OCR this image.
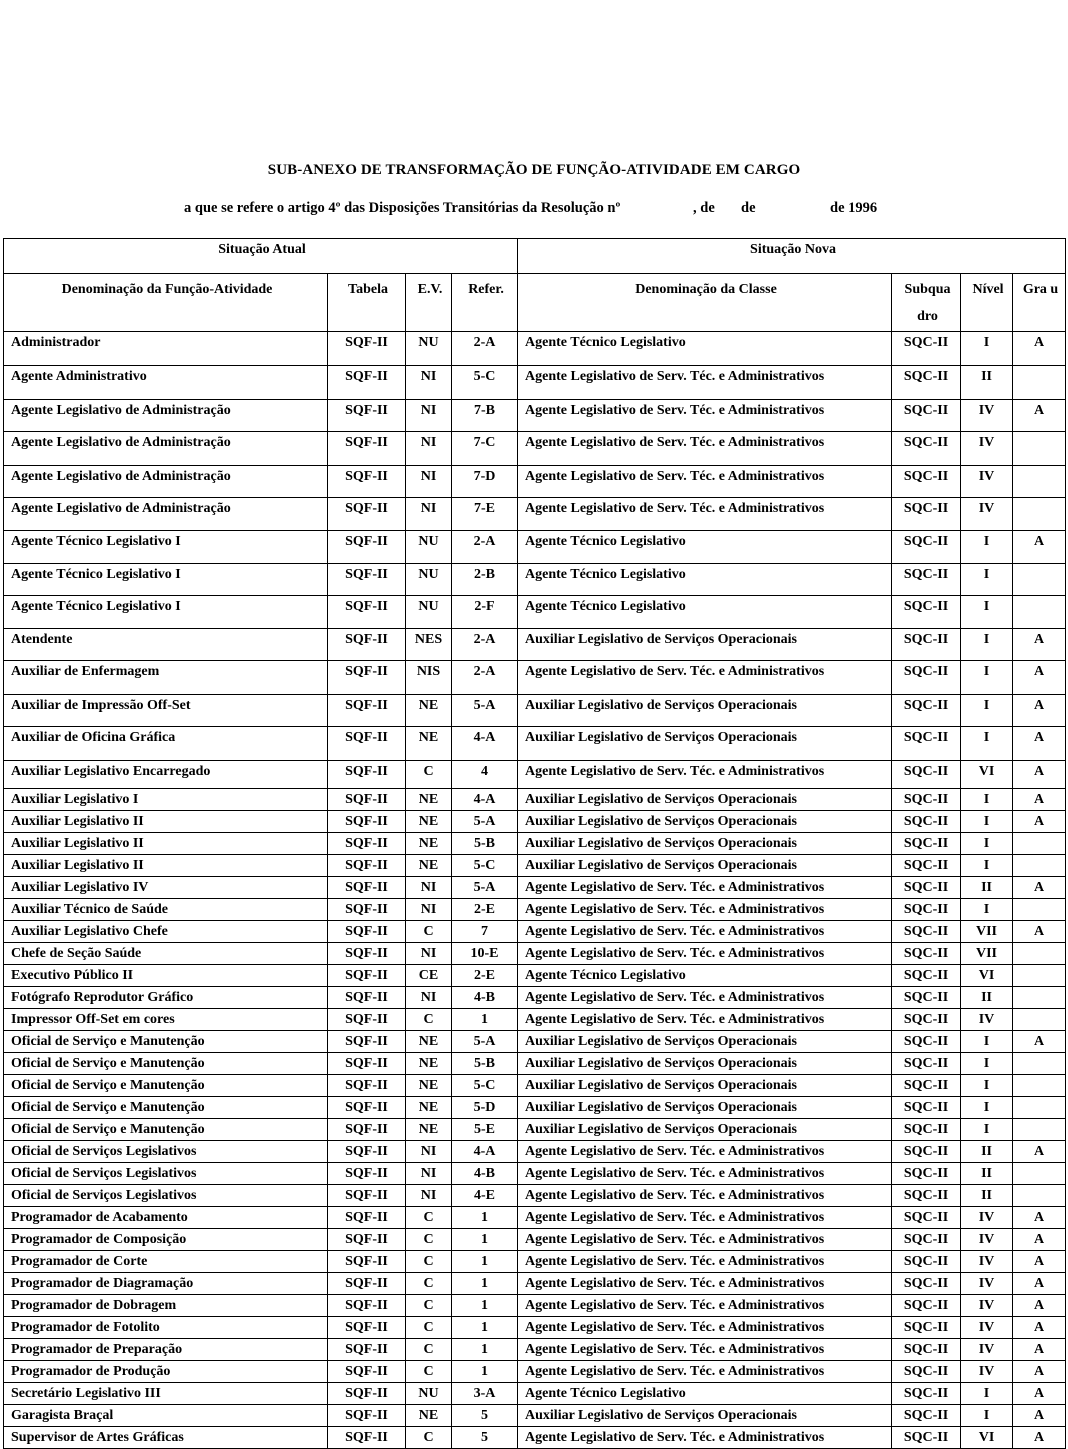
SUB-ANEXO DE TRANSFORMAÇÃO DE FUNÇÃO-ATIVIDADE EM CARGO
a que se refere o artigo 4º das Disposições Transitórias da Resolução nº	, de de	de 1996
Situação Atual				Situação Nova			
Denominação da Função-Atividade	Tabela	E.V.	Refer.	Denominação da Classe	Subqua dro	Nível	Gra u
Administrador	SQF-II	NU	2-A	Agente Técnico Legislativo	SQC-II	I	A
Agente Administrativo	SQF-II	NI	5-C	Agente Legislativo de Serv. Téc. e Administrativos	SQC-II	II	
Agente Legislativo de Administração	SQF-II	NI	7-B	Agente Legislativo de Serv. Téc. e Administrativos	SQC-II	IV	A
Agente Legislativo de Administração	SQF-II	NI	7-C	Agente Legislativo de Serv. Téc. e Administrativos	SQC-II	IV	
Agente Legislativo de Administração	SQF-II	NI	7-D	Agente Legislativo de Serv. Téc. e Administrativos	SQC-II	IV	
Agente Legislativo de Administração	SQF-II	NI	7-E	Agente Legislativo de Serv. Téc. e Administrativos	SQC-II	IV	
Agente Técnico Legislativo I	SQF-II	NU	2-A	Agente Técnico Legislativo	SQC-II	I	A
Agente Técnico Legislativo I	SQF-II	NU	2-B	Agente Técnico Legislativo	SQC-II	I	
Agente Técnico Legislativo I	SQF-II	NU	2-F	Agente Técnico Legislativo	SQC-II	I	
Atendente	SQF-II	NES	2-A	Auxiliar Legislativo de Serviços Operacionais	SQC-II	I	A
Auxiliar de Enfermagem	SQF-II	NIS	2-A	Agente Legislativo de Serv. Téc. e Administrativos	SQC-II	I	A
Auxiliar de Impressão Off-Set	SQF-II	NE	5-A	Auxiliar Legislativo de Serviços Operacionais	SQC-II	I	A
Auxiliar de Oficina Gráfica	SQF-II	NE	4-A	Auxiliar Legislativo de Serviços Operacionais	SQC-II	I	A
Auxiliar Legislativo Encarregado	SQF-II	C	4	Agente Legislativo de Serv. Téc. e Administrativos	SQC-II	VI	A
Auxiliar Legislativo I	SQF-II	NE	4-A	Auxiliar Legislativo de Serviços Operacionais	SQC-II	I	A
Auxiliar Legislativo II	SQF-II	NE	5-A	Auxiliar Legislativo de Serviços Operacionais	SQC-II	I	A
Auxiliar Legislativo II	SQF-II	NE	5-B	Auxiliar Legislativo de Serviços Operacionais	SQC-II	I	
Auxiliar Legislativo II	SQF-II	NE	5-C	Auxiliar Legislativo de Serviços Operacionais	SQC-II	I	
Auxiliar Legislativo IV	SQF-II	NI	5-A	Agente Legislativo de Serv. Téc. e Administrativos	SQC-II	II	A
Auxiliar Técnico de Saúde	SQF-II	NI	2-E	Agente Legislativo de Serv. Téc. e Administrativos	SQC-II	I	
Auxiliar Legislativo Chefe	SQF-II	C	7	Agente Legislativo de Serv. Téc. e Administrativos	SQC-II	VII	A
Chefe de Seção Saúde	SQF-II	NI	10-E	Agente Legislativo de Serv. Téc. e Administrativos	SQC-II	VII	
Executivo Público II	SQF-II	CE	2-E	Agente Técnico Legislativo	SQC-II	VI	
Fotógrafo Reprodutor Gráfico	SQF-II	NI	4-B	Agente Legislativo de Serv. Téc. e Administrativos	SQC-II	II	
Impressor Off-Set em cores	SQF-II	C	1	Agente Legislativo de Serv. Téc. e Administrativos	SQC-II	IV	
Oficial de Serviço e Manutenção	SQF-II	NE	5-A	Auxiliar Legislativo de Serviços Operacionais	SQC-II	I	A
Oficial de Serviço e Manutenção	SQF-II	NE	5-B	Auxiliar Legislativo de Serviços Operacionais	SQC-II	I	
Oficial de Serviço e Manutenção	SQF-II	NE	5-C	Auxiliar Legislativo de Serviços Operacionais	SQC-II	I	
Oficial de Serviço e Manutenção	SQF-II	NE	5-D	Auxiliar Legislativo de Serviços Operacionais	SQC-II	I	
Oficial de Serviço e Manutenção	SQF-II	NE	5-E	Auxiliar Legislativo de Serviços Operacionais	SQC-II	I	
Oficial de Serviços Legislativos	SQF-II	NI	4-A	Agente Legislativo de Serv. Téc. e Administrativos	SQC-II	II	A
Oficial de Serviços Legislativos	SQF-II	NI	4-B	Agente Legislativo de Serv. Téc. e Administrativos	SQC-II	II	
Oficial de Serviços Legislativos	SQF-II	NI	4-E	Agente Legislativo de Serv. Téc. e Administrativos	SQC-II	II	
Programador de Acabamento	SQF-II	C	1	Agente Legislativo de Serv. Téc. e Administrativos	SQC-II	IV	A
Programador de Composição	SQF-II	C	1	Agente Legislativo de Serv. Téc. e Administrativos	SQC-II	IV	A
Programador de Corte	SQF-II	C	1	Agente Legislativo de Serv. Téc. e Administrativos	SQC-II	IV	A
Programador de Diagramação	SQF-II	C	1	Agente Legislativo de Serv. Téc. e Administrativos	SQC-II	IV	A
Programador de Dobragem	SQF-II	C	1	Agente Legislativo de Serv. Téc. e Administrativos	SQC-II	IV	A
Programador de Fotolito	SQF-II	C	1	Agente Legislativo de Serv. Téc. e Administrativos	SQC-II	IV	A
Programador de Preparação	SQF-II	C	1	Agente Legislativo de Serv. Téc. e Administrativos	SQC-II	IV	A
Programador de Produção	SQF-II	C	1	Agente Legislativo de Serv. Téc. e Administrativos	SQC-II	IV	A
Secretário Legislativo III	SQF-II	NU	3-A	Agente Técnico Legislativo	SQC-II	I	A
Garagista Braçal	SQF-II	NE	5	Auxiliar Legislativo de Serviços Operacionais	SQC-II	I	A
Supervisor de Artes Gráficas	SQF-II	C	5	Agente Legislativo de Serv. Téc. e Administrativos	SQC-II	VI	A
